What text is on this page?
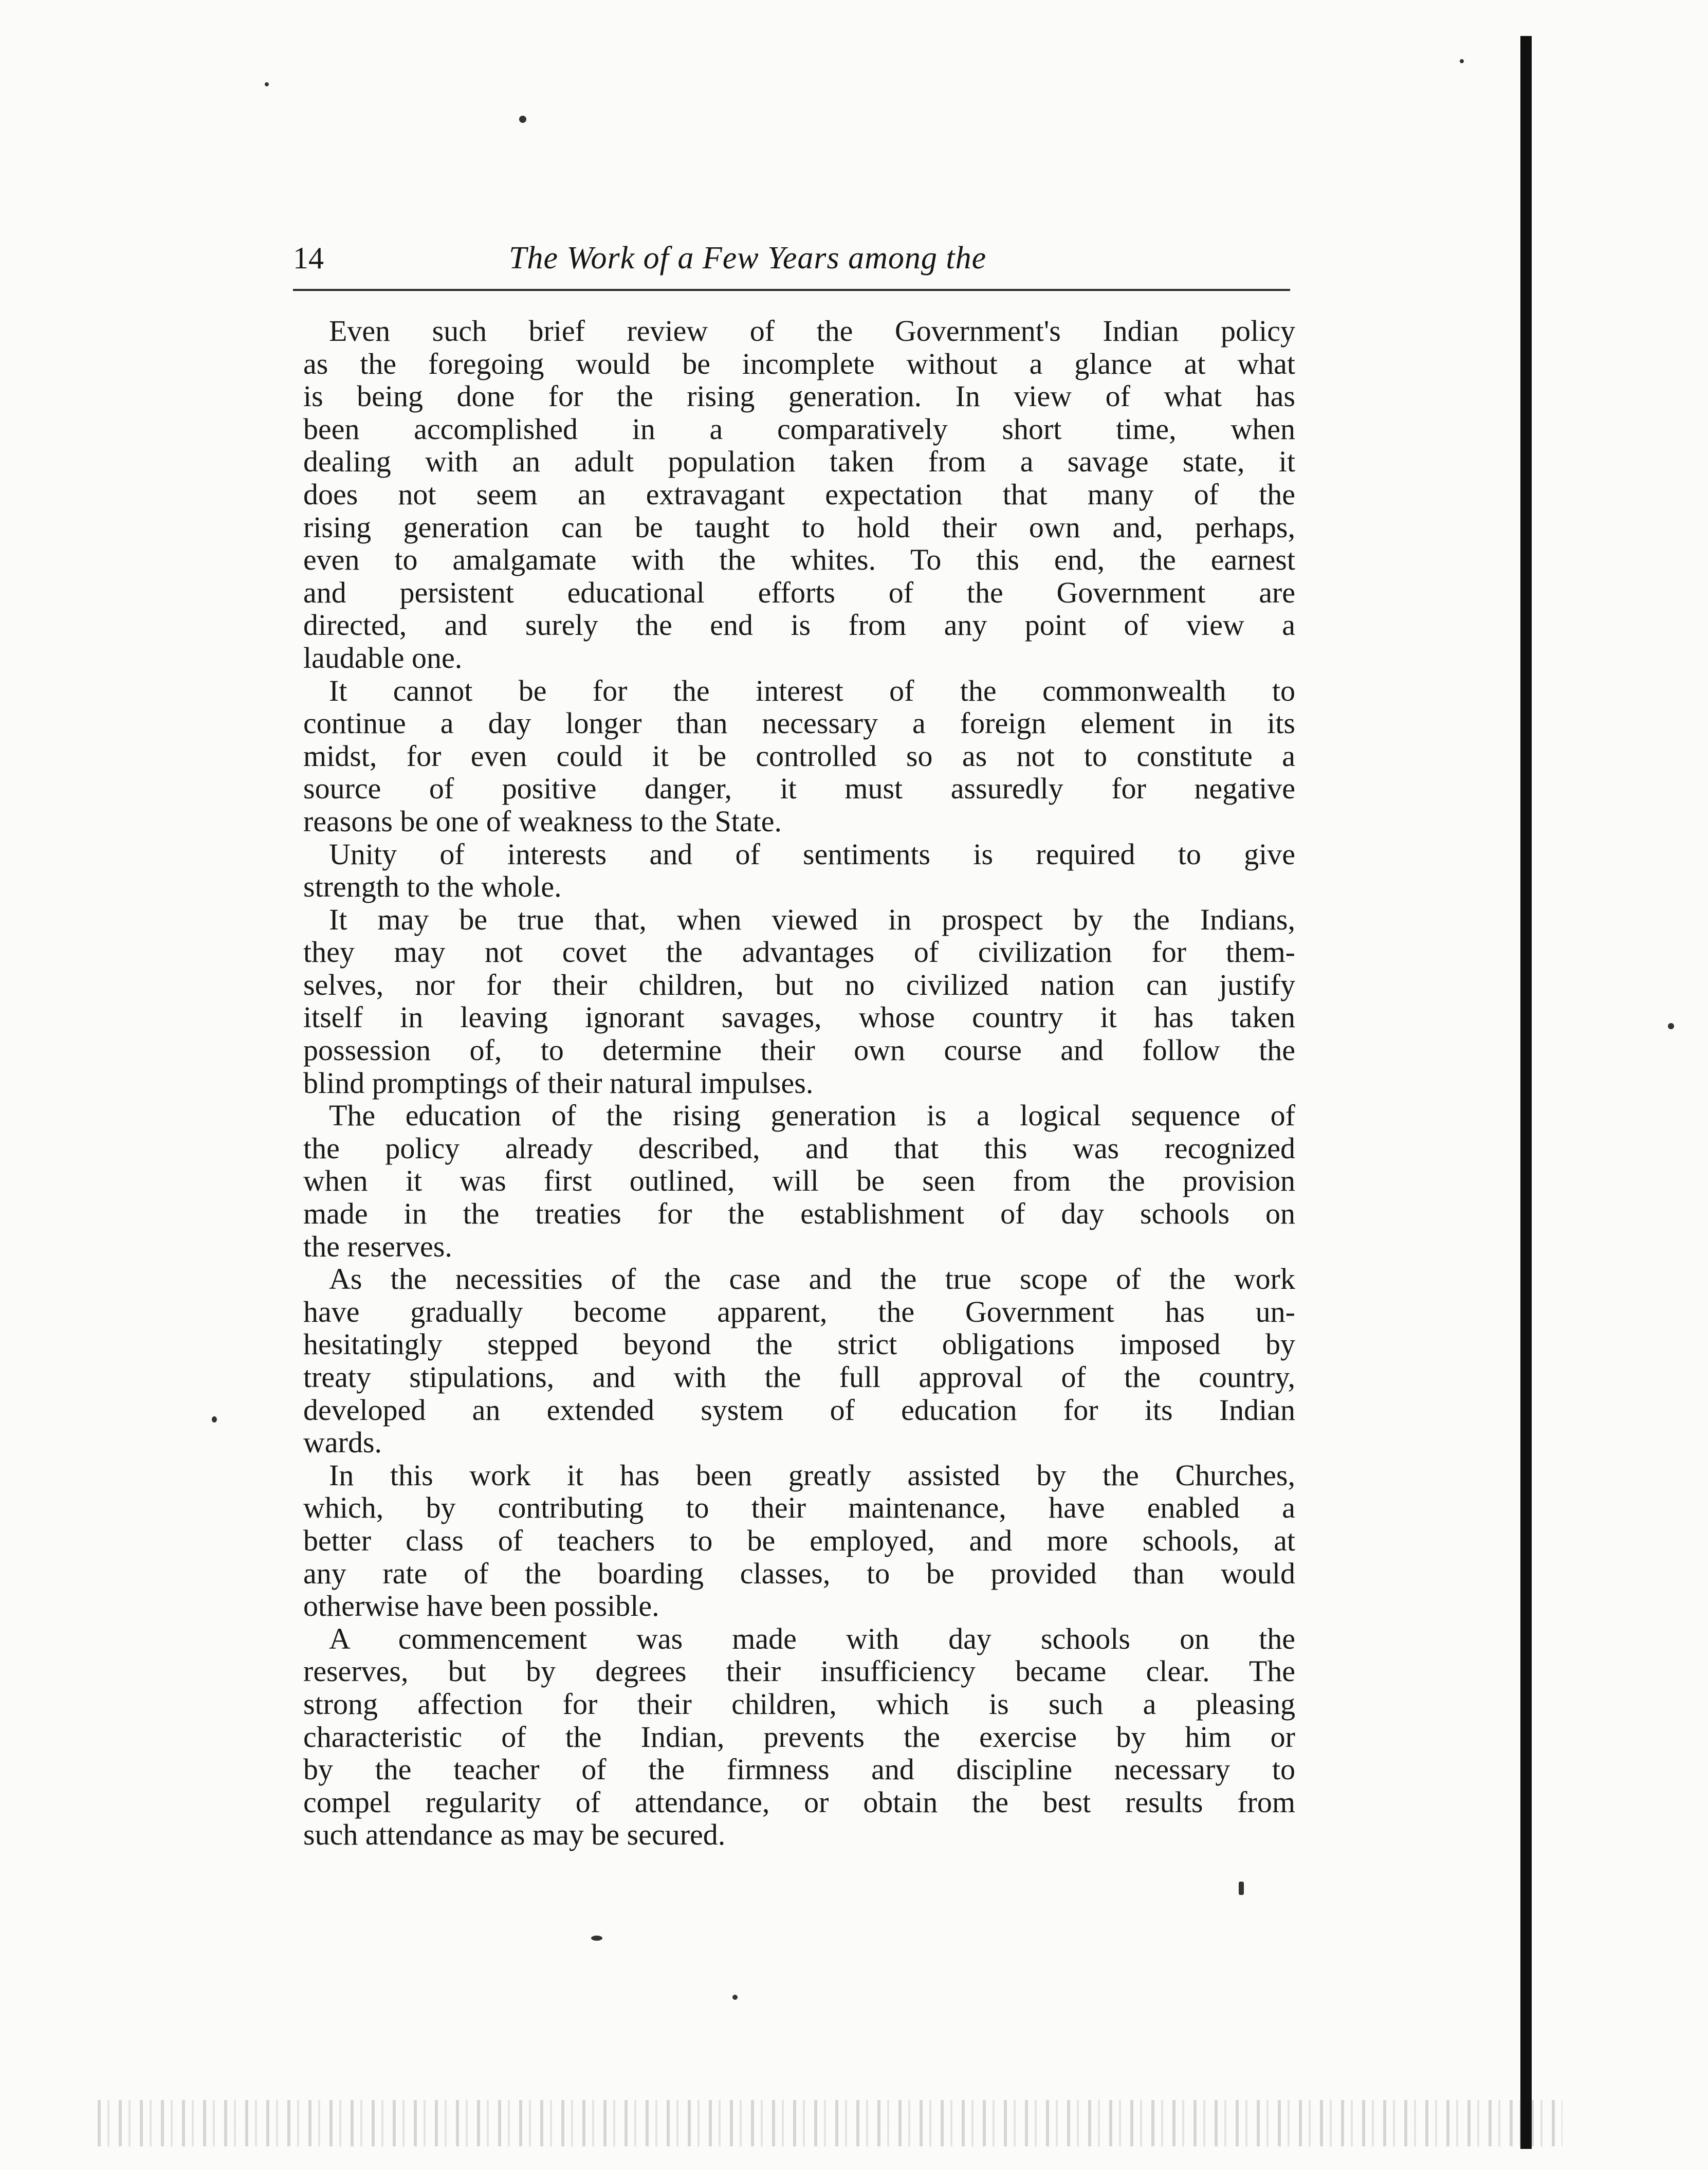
14	The Work of a Few Years among the
Even such brief review of the Government's Indian policy
as the foregoing would be incomplete without a glance at what
is being done for the rising generation. In view of what has
been accomplished in a comparatively short time, when
dealing with an adult population taken from a savage state, it
does not seem an extravagant expectation that many of the
rising generation can be taught to hold their own and, perhaps,
even to amalgamate with the whites. To this end, the earnest
and persistent educational efforts of the Government are
directed, and surely the end is from any point of view a
laudable one.
It cannot be for the interest of the commonwealth to
continue a day longer than necessary a foreign element in its
midst, for even could it be controlled so as not to constitute a
source of positive danger, it must assuredly for negative
reasons be one of weakness to the State.
Unity of interests and of sentiments is required to give
strength to the whole.
It may be true that, when viewed in prospect by the Indians,
they may not covet the advantages of civilization for them-
selves, nor for their children, but no civilized nation can justify
itself in leaving ignorant savages, whose country it has taken
possession of, to determine their own course and follow the
blind promptings of their natural impulses.
The education of the rising generation is a logical sequence of
the policy already described, and that this was recognized
when it was first outlined, will be seen from the provision
made in the treaties for the establishment of day schools on
the reserves.
As the necessities of the case and the true scope of the work
have gradually become apparent, the Government has un-
hesitatingly stepped beyond the strict obligations imposed by
treaty stipulations, and with the full approval of the country,
developed an extended system of education for its Indian
wards.
In this work it has been greatly assisted by the Churches,
which, by contributing to their maintenance, have enabled a
better class of teachers to be employed, and more schools, at
any rate of the boarding classes, to be provided than would
otherwise have been possible.
A commencement was made with day schools on the
reserves, but by degrees their insufficiency became clear. The
strong affection for their children, which is such a pleasing
characteristic of the Indian, prevents the exercise by him or
by the teacher of the firmness and discipline necessary to
compel regularity of attendance, or obtain the best results from
such attendance as may be secured.
